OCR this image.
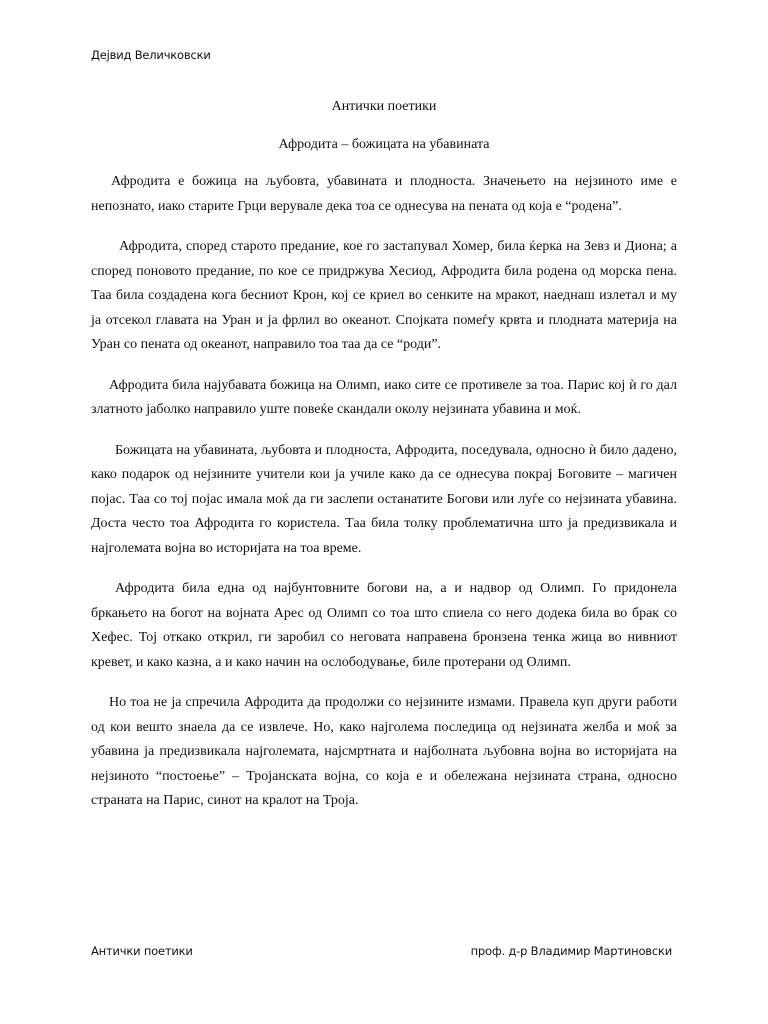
Дејвид Величковски
Антички поетики
Афродита – божицата на убавината

Афродита е божица на љубовта, убавината и плодноста. Значењето на нејзиното име е непознато, иако старите Грци верувале дека тоа се однесува на пената од која е “родена”.

Афродита, според старото предание, кое го застапувал Хомер, била ќерка на Зевз и Диона; а според поновото предание, по кое се придржува Хесиод, Афродита била родена од морска пена. Таа била создадена кога бесниот Крон, кој се криел во сенките на мракот, наеднаш излетал и му ја отсекол главата на Уран и ја фрлил во океанот. Спојката помеѓу крвта и плодната материја на Уран со пената од океанот, направило тоа таа да се “роди”.

Афродита била најубавата божица на Олимп, иако сите се противеле за тоа. Парис кој ѝ го дал златното јаболко направило уште повеќе скандали околу нејзината убавина и моќ.

Божицата на убавината, љубовта и плодноста, Афродита, поседувала, односно ѝ било дадено, како подарок од нејзините учители кои ја училе како да се однесува покрај Боговите – магичен појас. Таа со тој појас имала моќ да ги заслепи останатите Богови или луѓе со нејзината убавина. Доста често тоа Афродита го користела. Таа била толку проблематична што ја предизвикала и најголемата војна во историјата на тоа време.

Афродита била една од најбунтовните богови на, а и надвор од Олимп. Го придонела бркањето на богот на војната Арес од Олимп со тоа што спиела со него додека била во брак со Хефес. Тој откако открил, ги заробил со неговата направена бронзена тенка жица во нивниот кревет, и како казна, а и како начин на ослободување, биле протерани од Олимп.

Но тоа не ја спречила Афродита да продолжи со нејзините измами. Правела куп други работи од кои вешто знаела да се извлече. Но, како најголема последица од нејзината желба и моќ за убавина ја предизвикала најголемата, најсмртната и најболната љубовна војна во историјата на нејзиното “постоење” – Тројанската војна, со која е и обележана нејзината страна, односно страната на Парис, синот на кралот на Троја.

Антички поетики	проф. д-р Владимир Мартиновски
